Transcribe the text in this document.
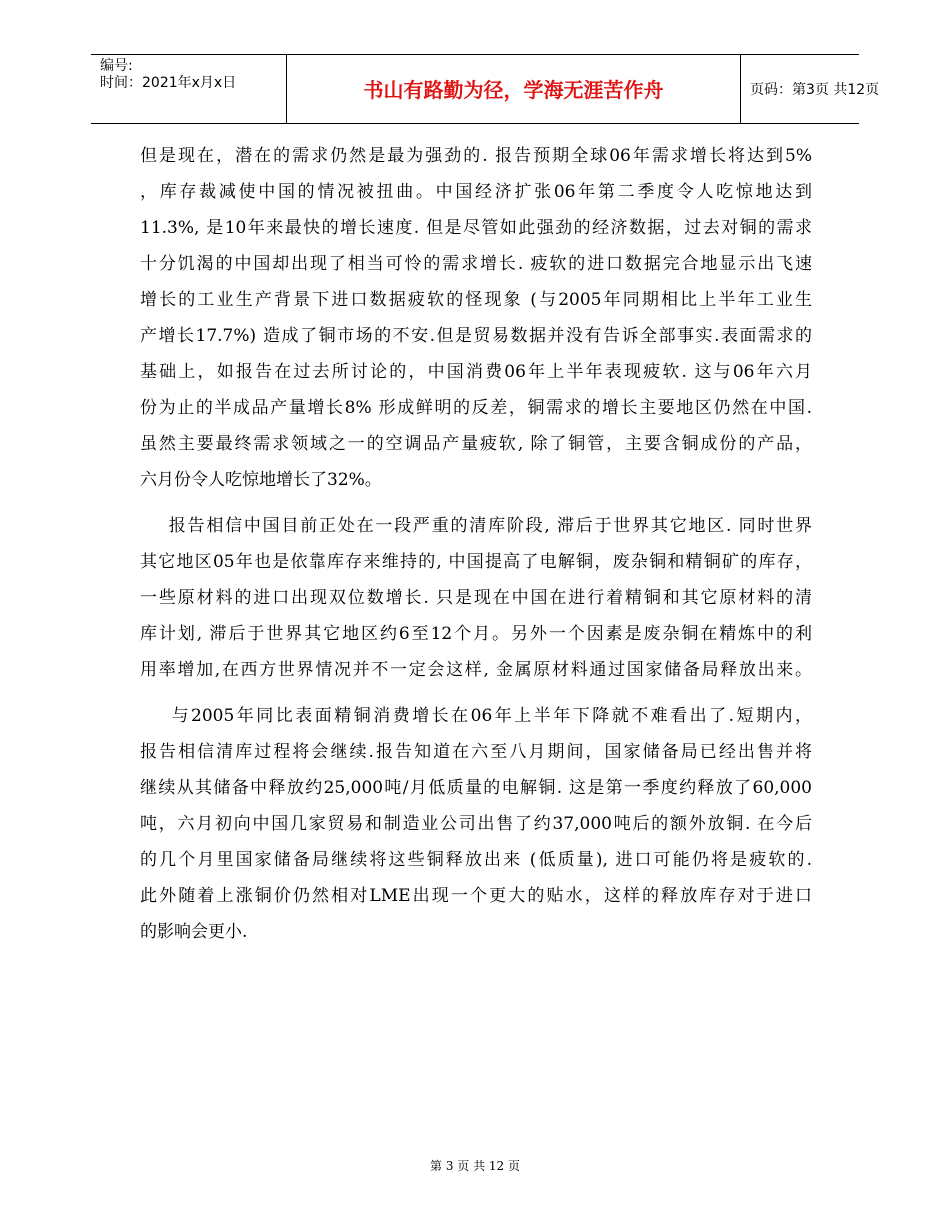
编号:
时间：2021年x月x日	书山有路勤为径，学海无涯苦作舟	页码：第3页 共12页
但是现在，潜在的需求仍然是最为强劲的. 报告预期全球06年需求增长将达到5%
，库存裁减使中国的情况被扭曲。中国经济扩张06年第二季度令人吃惊地达到
11.3%, 是10年来最快的增长速度. 但是尽管如此强劲的经济数据，过去对铜的需求
十分饥渴的中国却出现了相当可怜的需求增长. 疲软的进口数据完合地显示出飞速
增长的工业生产背景下进口数据疲软的怪现象 (与2005年同期相比上半年工业生
产增长17.7%) 造成了铜市场的不安.但是贸易数据并没有告诉全部事实.表面需求的
基础上，如报告在过去所讨论的，中国消费06年上半年表现疲软. 这与06年六月
份为止的半成品产量增长8% 形成鲜明的反差，铜需求的增长主要地区仍然在中国.
虽然主要最终需求领域之一的空调品产量疲软, 除了铜管，主要含铜成份的产品，
六月份令人吃惊地增长了32%。
报告相信中国目前正处在一段严重的清库阶段, 滞后于世界其它地区. 同时世界
其它地区05年也是依靠库存来维持的, 中国提高了电解铜，废杂铜和精铜矿的库存，
一些原材料的进口出现双位数增长. 只是现在中国在进行着精铜和其它原材料的清
库计划, 滞后于世界其它地区约6至12个月。另外一个因素是废杂铜在精炼中的利
用率增加,在西方世界情况并不一定会这样, 金属原材料通过国家储备局释放出来。
与2005年同比表面精铜消费增长在06年上半年下降就不难看出了.短期内，
报告相信清库过程将会继续.报告知道在六至八月期间，国家储备局已经出售并将
继续从其储备中释放约25,000吨/月低质量的电解铜. 这是第一季度约释放了60,000
吨，六月初向中国几家贸易和制造业公司出售了约37,000吨后的额外放铜. 在今后
的几个月里国家储备局继续将这些铜释放出来 (低质量), 进口可能仍将是疲软的.
此外随着上涨铜价仍然相对LME出现一个更大的贴水，这样的释放库存对于进口
的影响会更小.
第 3 页 共 12 页
